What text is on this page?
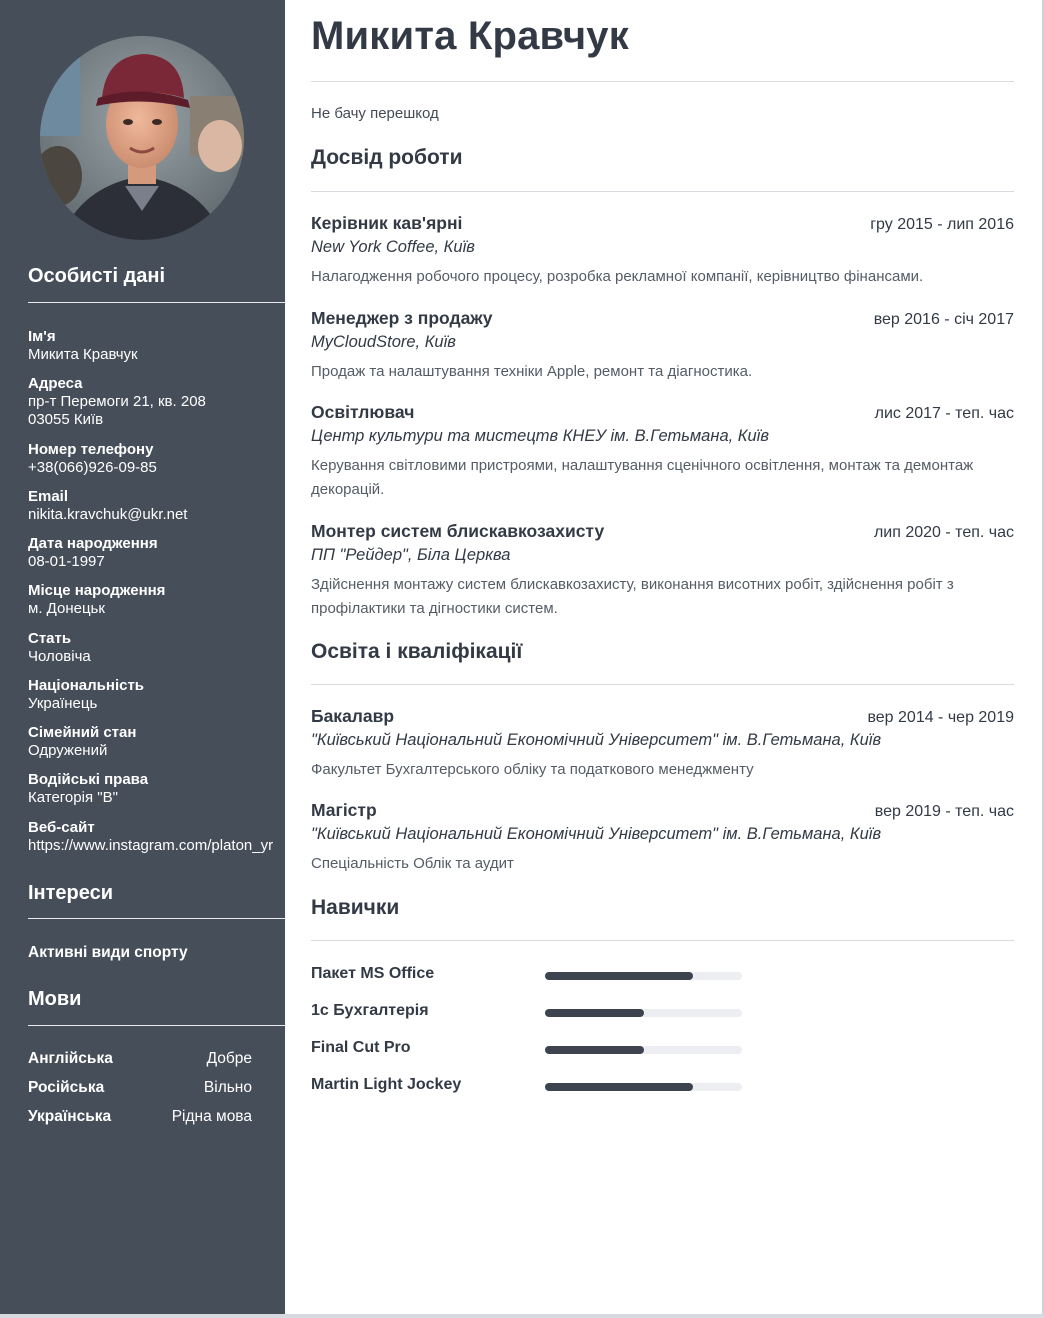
Особисті дані
Ім'я
Микита Кравчук
Адреса
пр-т Перемоги 21, кв. 208
03055 Київ
Номер телефону
+38(066)926-09-85
Email
nikita.kravchuk@ukr.net
Дата народження
08-01-1997
Місце народження
м. Донецьк
Стать
Чоловіча
Національність
Українець
Сімейний стан
Одружений
Водійські права
Категорія "B"
Веб-сайт
https://www.instagram.com/platon_yr
Інтереси
Активні види спорту
Мови
Англійська	Добре
Російська	Вільно
Українська	Рідна мова
Микита Кравчук
Не бачу перешкод
Досвід роботи
Керівник кав'ярні	гру 2015 - лип 2016
New York Coffee, Київ
Налагодження робочого процесу, розробка рекламної компанії, керівництво фінансами.
Менеджер з продажу	вер 2016 - січ 2017
MyCloudStore, Київ
Продаж та налаштування техніки Apple, ремонт та діагностика.
Освітлювач	лис 2017 - теп. час
Центр культури та мистецтв КНЕУ ім. В.Гетьмана, Київ
Керування світловими пристроями, налаштування сценічного освітлення, монтаж та демонтаж декорацій.
Монтер систем блискавкозахисту	лип 2020 - теп. час
ПП "Рейдер", Біла Церква
Здійснення монтажу систем блискавкозахисту, виконання висотних робіт, здійснення робіт з профілактики та дігностики систем.
Освіта і кваліфікації
Бакалавр	вер 2014 - чер 2019
"Київський Національний Економічний Університет" ім. В.Гетьмана, Київ
Факультет Бухгалтерського обліку та податкового менеджменту
Магістр	вер 2019 - теп. час
"Київський Національний Економічний Університет" ім. В.Гетьмана, Київ
Спеціальність Облік та аудит
Навички
Пакет MS Office
1c Бухгалтерія
Final Cut Pro
Martin Light Jockey
